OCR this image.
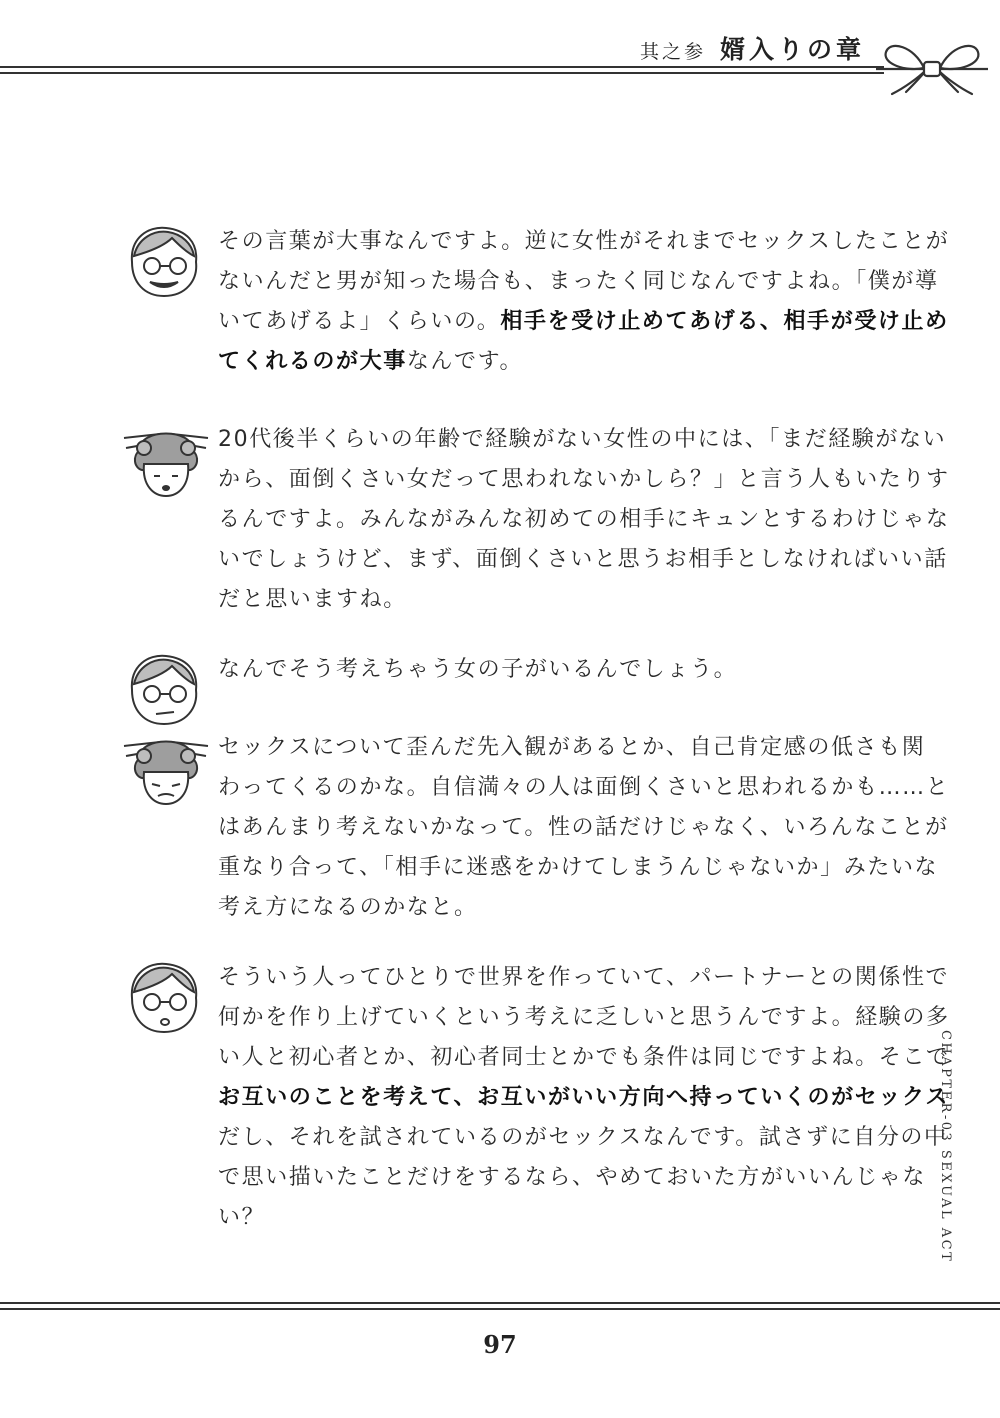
其之参 婿入りの章
その言葉が大事なんですよ。逆に女性がそれまでセックスしたことが
ないんだと男が知った場合も、まったく同じなんですよね。「僕が導
いてあげるよ」くらいの。相手を受け止めてあげる、相手が受け止め
てくれるのが大事なんです。
20代後半くらいの年齢で経験がない女性の中には、「まだ経験がない
から、面倒くさい女だって思われないかしら？」と言う人もいたりす
るんですよ。みんながみんな初めての相手にキュンとするわけじゃな
いでしょうけど、まず、面倒くさいと思うお相手としなければいい話
だと思いますね。
なんでそう考えちゃう女の子がいるんでしょう。
セックスについて歪んだ先入観があるとか、自己肯定感の低さも関
わってくるのかな。自信満々の人は面倒くさいと思われるかも……と
はあんまり考えないかなって。性の話だけじゃなく、いろんなことが
重なり合って、「相手に迷惑をかけてしまうんじゃないか」みたいな
考え方になるのかなと。
そういう人ってひとりで世界を作っていて、パートナーとの関係性で
何かを作り上げていくという考えに乏しいと思うんですよ。経験の多
い人と初心者とか、初心者同士とかでも条件は同じですよね。そこで
お互いのことを考えて、お互いがいい方向へ持っていくのがセックス
だし、それを試されているのがセックスなんです。試さずに自分の中
で思い描いたことだけをするなら、やめておいた方がいいんじゃな
い？	CHAPTER-03 SEXUAL ACT
97
